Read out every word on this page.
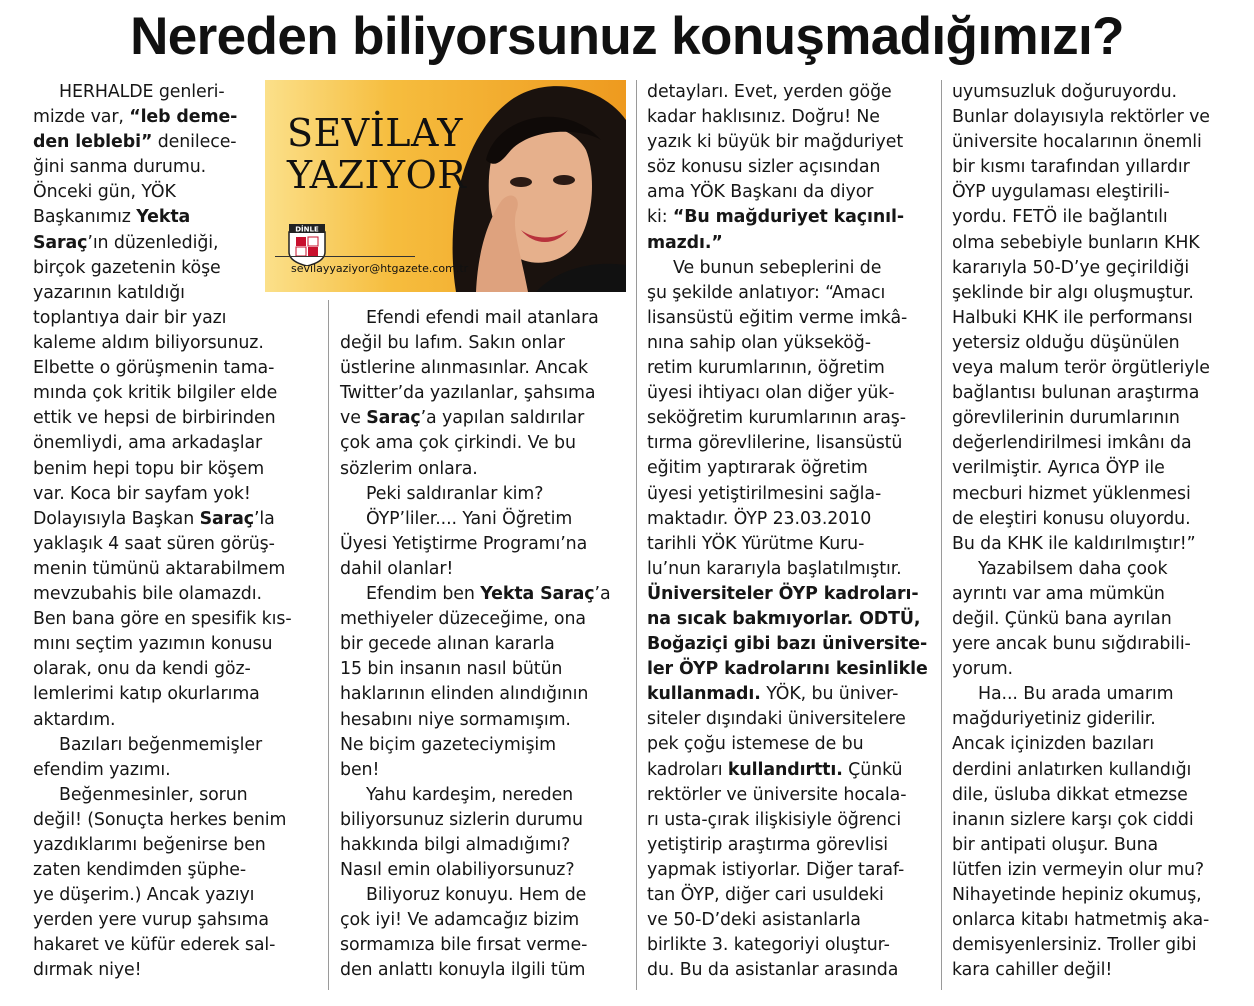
Nereden biliyorsunuz konuşmadığımızı?
SEVİLAY
YAZIYOR
DİNLE
sevilayyaziyor@htgazete.com.tr

HERHALDE genleri-

mizde var, “leb deme-

den leblebi” denilece-

ğini sanma durumu.

Önceki gün, YÖK

Başkanımız Yekta

Saraç’ın düzenlediği,

birçok gazetenin köşe

yazarının katıldığı

toplantıya dair bir yazı

kaleme aldım biliyorsunuz.

Elbette o görüşmenin tama-

mında çok kritik bilgiler elde

ettik ve hepsi de birbirinden

önemliydi, ama arkadaşlar

benim hepi topu bir köşem

var. Koca bir sayfam yok!

Dolayısıyla Başkan Saraç’la

yaklaşık 4 saat süren görüş-

menin tümünü aktarabilmem

mevzubahis bile olamazdı.

Ben bana göre en spesifik kıs-

mını seçtim yazımın konusu

olarak, onu da kendi göz-

lemlerimi katıp okurlarıma

aktardım.

Bazıları beğenmemişler

efendim yazımı.

Beğenmesinler, sorun

değil! (Sonuçta herkes benim

yazdıklarımı beğenirse ben

zaten kendimden şüphe-

ye düşerim.) Ancak yazıyı

yerden yere vurup şahsıma

hakaret ve küfür ederek sal-

dırmak niye!

Efendi efendi mail atanlara

değil bu lafım. Sakın onlar

üstlerine alınmasınlar. Ancak

Twitter’da yazılanlar, şahsıma

ve Saraç’a yapılan saldırılar

çok ama çok çirkindi. Ve bu

sözlerim onlara.

Peki saldıranlar kim?

ÖYP’liler.... Yani Öğretim

Üyesi Yetiştirme Programı’na

dahil olanlar!

Efendim ben Yekta Saraç’a

methiyeler düzeceğime, ona

bir gecede alınan kararla

15 bin insanın nasıl bütün

haklarının elinden alındığının

hesabını niye sormamışım.

Ne biçim gazeteciymişim

ben!

Yahu kardeşim, nereden

biliyorsunuz sizlerin durumu

hakkında bilgi almadığımı?

Nasıl emin olabiliyorsunuz?

Biliyoruz konuyu. Hem de

çok iyi! Ve adamcağız bizim

sormamıza bile fırsat verme-

den anlattı konuyla ilgili tüm

detayları. Evet, yerden göğe

kadar haklısınız. Doğru! Ne

yazık ki büyük bir mağduriyet

söz konusu sizler açısından

ama YÖK Başkanı da diyor

ki: “Bu mağduriyet kaçınıl-

mazdı.”

Ve bunun sebeplerini de

şu şekilde anlatıyor: “Amacı

lisansüstü eğitim verme imkâ-

nına sahip olan yükseköğ-

retim kurumlarının, öğretim

üyesi ihtiyacı olan diğer yük-

seköğretim kurumlarının araş-

tırma görevlilerine, lisansüstü

eğitim yaptırarak öğretim

üyesi yetiştirilmesini sağla-

maktadır. ÖYP 23.03.2010

tarihli YÖK Yürütme Kuru-

lu’nun kararıyla başlatılmıştır.

Üniversiteler ÖYP kadroları-

na sıcak bakmıyorlar. ODTÜ,

Boğaziçi gibi bazı üniversite-

ler ÖYP kadrolarını kesinlikle

kullanmadı. YÖK, bu üniver-

siteler dışındaki üniversitelere

pek çoğu istemese de bu

kadroları kullandırttı. Çünkü

rektörler ve üniversite hocala-

rı usta-çırak ilişkisiyle öğrenci

yetiştirip araştırma görevlisi

yapmak istiyorlar. Diğer taraf-

tan ÖYP, diğer cari usuldeki

ve 50-D’deki asistanlarla

birlikte 3. kategoriyi oluştur-

du. Bu da asistanlar arasında

uyumsuzluk doğuruyordu.

Bunlar dolayısıyla rektörler ve

üniversite hocalarının önemli

bir kısmı tarafından yıllardır

ÖYP uygulaması eleştirili-

yordu. FETÖ ile bağlantılı

olma sebebiyle bunların KHK

kararıyla 50-D’ye geçirildiği

şeklinde bir algı oluşmuştur.

Halbuki KHK ile performansı

yetersiz olduğu düşünülen

veya malum terör örgütleriyle

bağlantısı bulunan araştırma

görevlilerinin durumlarının

değerlendirilmesi imkânı da

verilmiştir. Ayrıca ÖYP ile

mecburi hizmet yüklenmesi

de eleştiri konusu oluyordu.

Bu da KHK ile kaldırılmıştır!”

Yazabilsem daha çook

ayrıntı var ama mümkün

değil. Çünkü bana ayrılan

yere ancak bunu sığdırabili-

yorum.

Ha... Bu arada umarım

mağduriyetiniz giderilir.

Ancak içinizden bazıları

derdini anlatırken kullandığı

dile, üsluba dikkat etmezse

inanın sizlere karşı çok ciddi

bir antipati oluşur. Buna

lütfen izin vermeyin olur mu?

Nihayetinde hepiniz okumuş,

onlarca kitabı hatmetmiş aka-

demisyenlersiniz. Troller gibi

kara cahiller değil!
